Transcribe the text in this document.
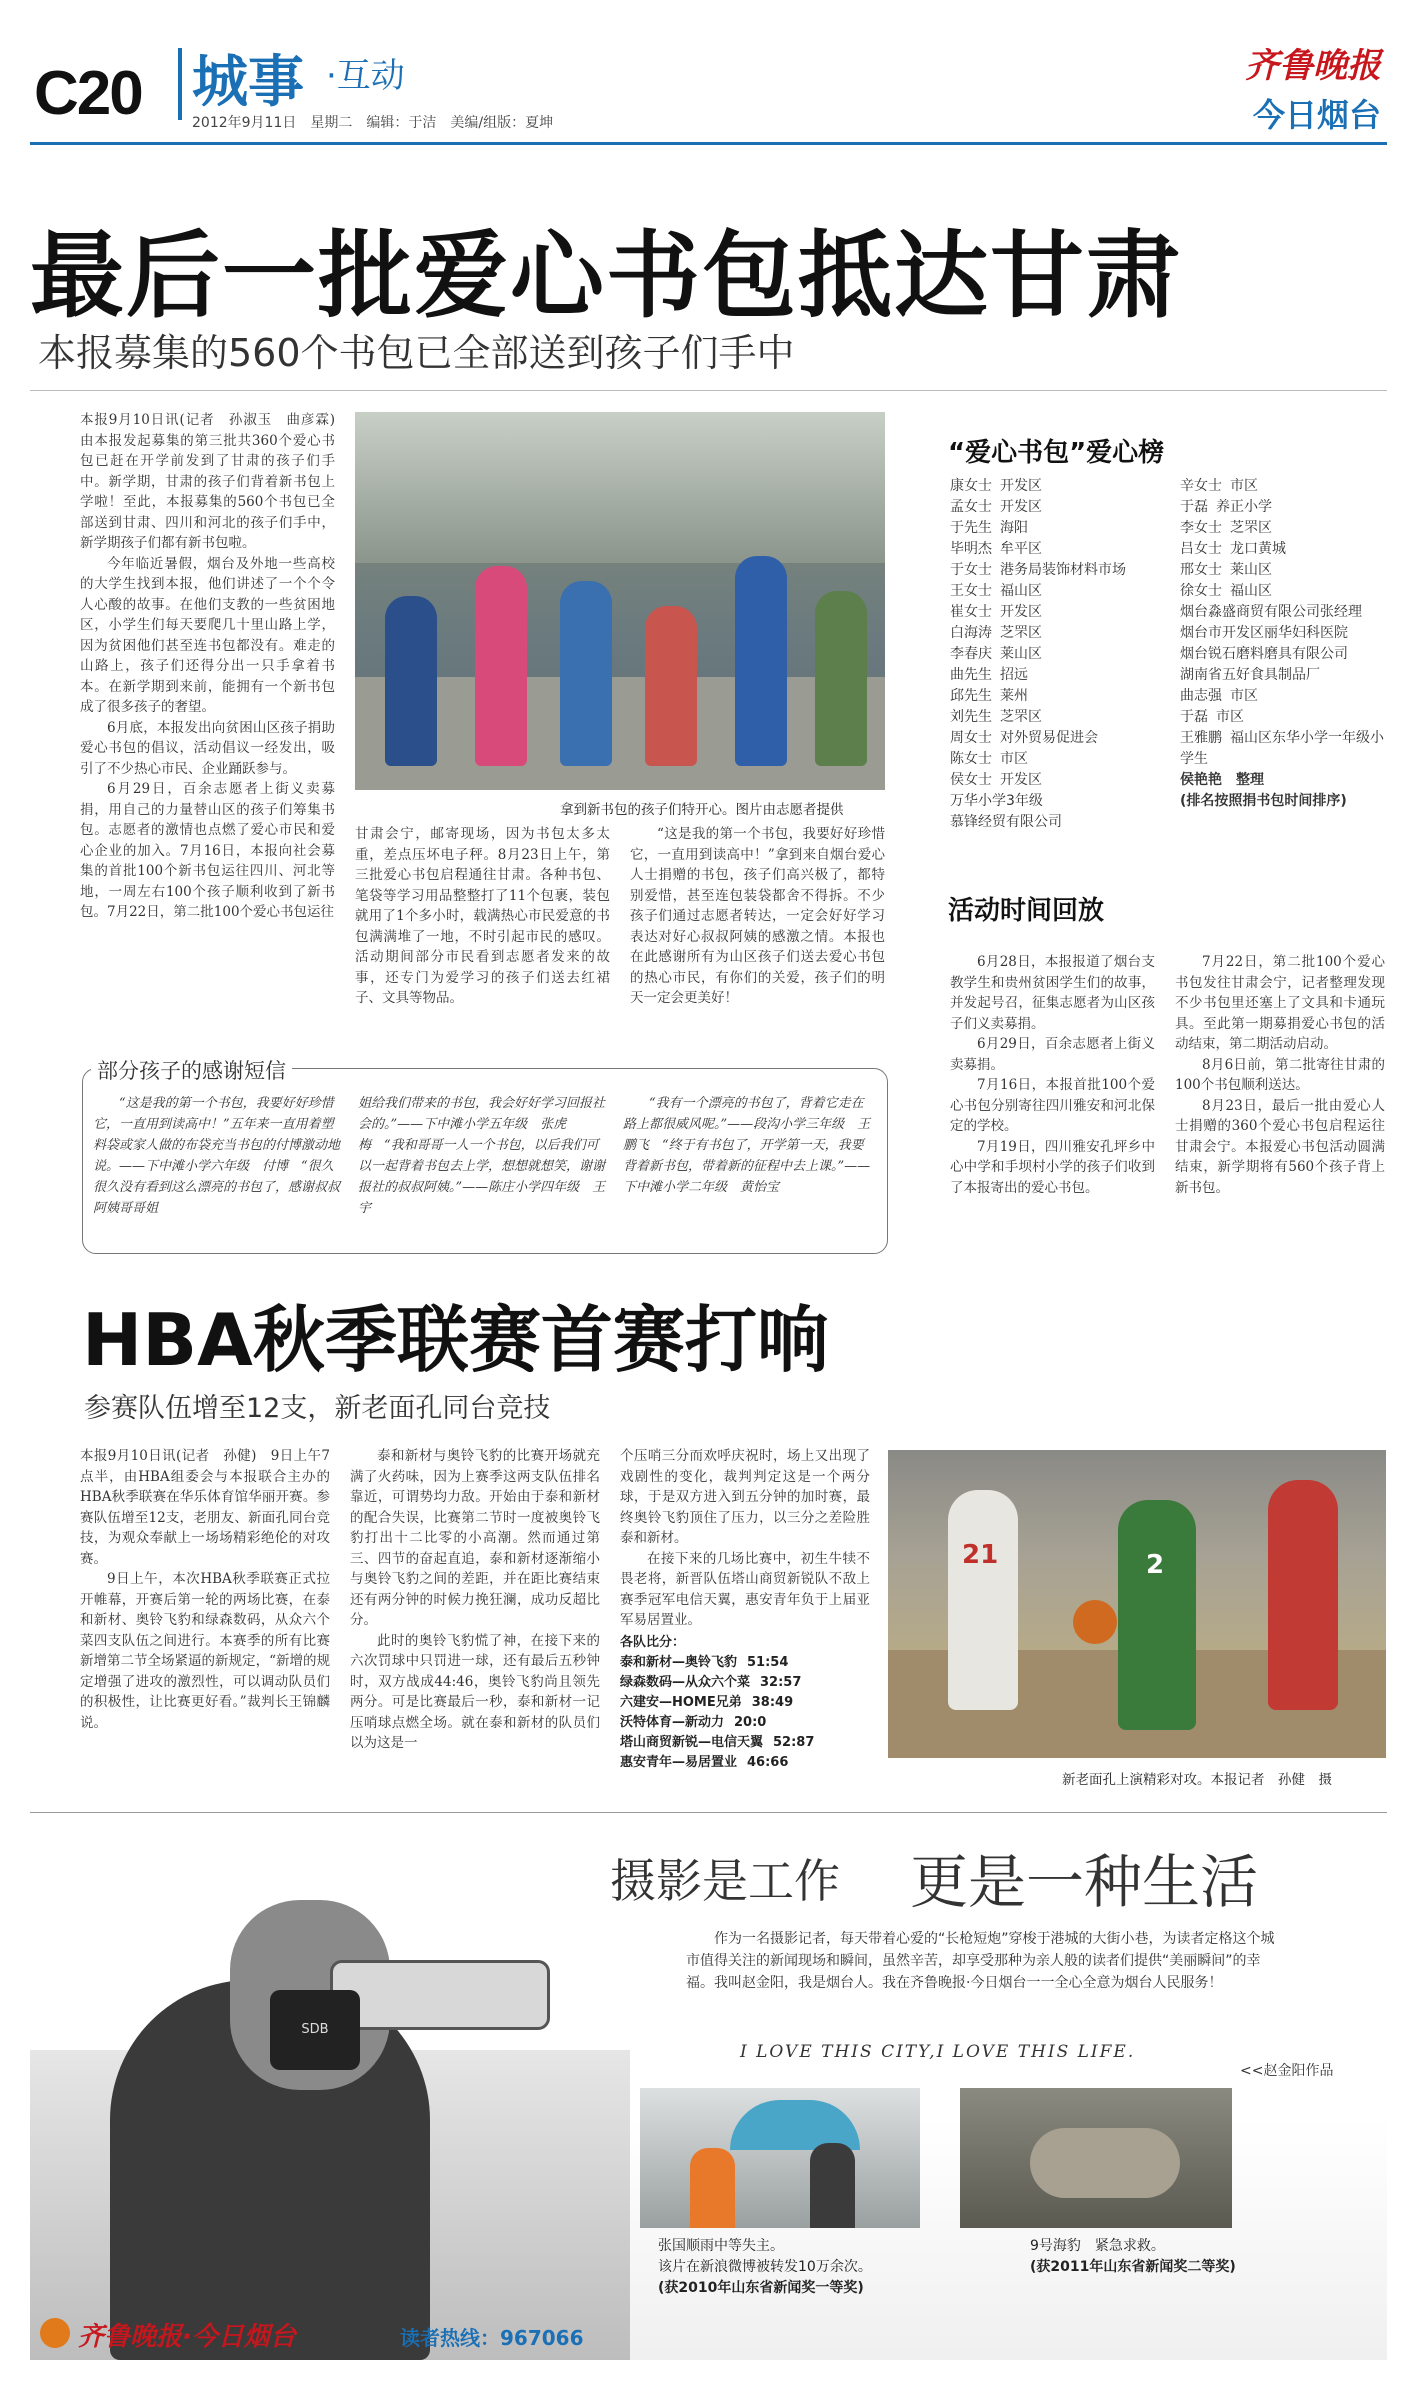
C20 城事 ·互动
2012年9月11日　星期二　编辑：于洁　美编/组版：夏坤
齐鲁晚报
今日烟台
最后一批爱心书包抵达甘肃
本报募集的560个书包已全部送到孩子们手中

本报9月10日讯(记者　孙淑玉　曲彦霖)　由本报发起募集的第三批共360个爱心书包已赶在开学前发到了甘肃的孩子们手中。新学期，甘肃的孩子们背着新书包上学啦！至此，本报募集的560个书包已全部送到甘肃、四川和河北的孩子们手中，新学期孩子们都有新书包啦。

今年临近暑假，烟台及外地一些高校的大学生找到本报，他们讲述了一个个令人心酸的故事。在他们支教的一些贫困地区，小学生们每天要爬几十里山路上学，因为贫困他们甚至连书包都没有。难走的山路上，孩子们还得分出一只手拿着书本。在新学期到来前，能拥有一个新书包成了很多孩子的奢望。

6月底，本报发出向贫困山区孩子捐助爱心书包的倡议，活动倡议一经发出，吸引了不少热心市民、企业踊跃参与。

6月29日，百余志愿者上街义卖募捐，用自己的力量替山区的孩子们筹集书包。志愿者的激情也点燃了爱心市民和爱心企业的加入。7月16日，本报向社会募集的首批100个新书包运往四川、河北等地，一周左右100个孩子顺利收到了新书包。7月22日，第二批100个爱心书包运往

拿到新书包的孩子们特开心。图片由志愿者提供

甘肃会宁，邮寄现场，因为书包太多太重，差点压坏电子秤。8月23日上午，第三批爱心书包启程通往甘肃。各种书包、笔袋等学习用品整整打了11个包裹，装包就用了1个多小时，载满热心市民爱意的书包满满堆了一地，不时引起市民的感叹。活动期间部分市民看到志愿者发来的故事，还专门为爱学习的孩子们送去红裙子、文具等物品。

“这是我的第一个书包，我要好好珍惜它，一直用到读高中！”拿到来自烟台爱心人士捐赠的书包，孩子们高兴极了，都特别爱惜，甚至连包装袋都舍不得拆。不少孩子们通过志愿者转达，一定会好好学习表达对好心叔叔阿姨的感激之情。本报也在此感谢所有为山区孩子们送去爱心书包的热心市民，有你们的关爱，孩子们的明天一定会更美好！

部分孩子的感谢短信

“这是我的第一个书包，我要好好珍惜它，一直用到读高中！”五年来一直用着塑料袋或家人做的布袋充当书包的付博激动地说。——下中滩小学六年级　付博　“很久很久没有看到这么漂亮的书包了，感谢叔叔阿姨哥哥姐

姐给我们带来的书包，我会好好学习回报社会的。”——下中滩小学五年级　张虎梅　“我和哥哥一人一个书包，以后我们可以一起背着书包去上学，想想就想笑，谢谢报社的叔叔阿姨。”——陈庄小学四年级　王宇

“我有一个漂亮的书包了，背着它走在路上都很威风呢。”——段沟小学三年级　王鹏飞　“终于有书包了，开学第一天，我要背着新书包，带着新的征程中去上课。”——下中滩小学二年级　黄怡宝

“爱心书包”爱心榜
康女士 开发区
孟女士 开发区
于先生 海阳
毕明杰 牟平区
于女士 港务局装饰材料市场
王女士 福山区
崔女士 开发区
白海涛 芝罘区
李春庆 莱山区
曲先生 招远
邱先生 莱州
刘先生 芝罘区
周女士 对外贸易促进会
陈女士 市区
侯女士 开发区
万华小学3年级
慕锋经贸有限公司
辛女士 市区
于磊 养正小学
李女士 芝罘区
吕女士 龙口黄城
邢女士 莱山区
徐女士 福山区
烟台淼盛商贸有限公司张经理
烟台市开发区丽华妇科医院
烟台锐石磨料磨具有限公司
湖南省五好食具制品厂
曲志强 市区
于磊 市区
王雅鹏 福山区东华小学一年级小学生
侯艳艳　整理
(排名按照捐书包时间排序)
活动时间回放

6月28日，本报报道了烟台支教学生和贵州贫困学生们的故事，并发起号召，征集志愿者为山区孩子们义卖募捐。

6月29日，百余志愿者上街义卖募捐。

7月16日，本报首批100个爱心书包分别寄往四川雅安和河北保定的学校。

7月19日，四川雅安孔坪乡中心中学和手坝村小学的孩子们收到了本报寄出的爱心书包。

7月22日，第二批100个爱心书包发往甘肃会宁，记者整理发现不少书包里还塞上了文具和卡通玩具。至此第一期募捐爱心书包的活动结束，第二期活动启动。

8月6日前，第二批寄往甘肃的100个书包顺利送达。

8月23日，最后一批由爱心人士捐赠的360个爱心书包启程运往甘肃会宁。本报爱心书包活动圆满结束，新学期将有560个孩子背上新书包。

HBA秋季联赛首赛打响
参赛队伍增至12支，新老面孔同台竞技

本报9月10日讯(记者　孙健)　9日上午7点半，由HBA组委会与本报联合主办的HBA秋季联赛在华乐体育馆华丽开赛。参赛队伍增至12支，老朋友、新面孔同台竞技，为观众奉献上一场场精彩绝伦的对攻赛。

9日上午，本次HBA秋季联赛正式拉开帷幕，开赛后第一轮的两场比赛，在泰和新材、奥铃飞豹和绿森数码，从众六个菜四支队伍之间进行。本赛季的所有比赛新增第二节全场紧逼的新规定，“新增的规定增强了进攻的激烈性，可以调动队员们的积极性，让比赛更好看。”裁判长王锦麟说。

泰和新材与奥铃飞豹的比赛开场就充满了火药味，因为上赛季这两支队伍排名靠近，可谓势均力敌。开始由于泰和新材的配合失误，比赛第二节时一度被奥铃飞豹打出十二比零的小高潮。然而通过第三、四节的奋起直追，泰和新材逐渐缩小与奥铃飞豹之间的差距，并在距比赛结束还有两分钟的时候力挽狂澜，成功反超比分。

此时的奥铃飞豹慌了神，在接下来的六次罚球中只罚进一球，还有最后五秒钟时，双方战成44:46，奥铃飞豹尚且领先两分。可是比赛最后一秒，泰和新材一记压哨球点燃全场。就在泰和新材的队员们以为这是一

个压哨三分而欢呼庆祝时，场上又出现了戏剧性的变化，裁判判定这是一个两分球，于是双方进入到五分钟的加时赛，最终奥铃飞豹顶住了压力，以三分之差险胜泰和新材。

在接下来的几场比赛中，初生牛犊不畏老将，新晋队伍塔山商贸新锐队不敌上赛季冠军电信天翼，惠安青年负于上届亚军易居置业。

各队比分：
泰和新材—奥铃飞豹 51:54
绿森数码—从众六个菜 32:57
六建安—HOME兄弟 38:49
沃特体育—新动力 20:0
塔山商贸新锐—电信天翼 52:87
惠安青年—易居置业 46:66
21	2
新老面孔上演精彩对攻。本报记者　孙健　摄
SDB
摄影是工作 更是一种生活
作为一名摄影记者，每天带着心爱的“长枪短炮”穿梭于港城的大街小巷，为读者定格这个城市值得关注的新闻现场和瞬间，虽然辛苦，却享受那种为亲人般的读者们提供“美丽瞬间”的幸福。我叫赵金阳，我是烟台人。我在齐鲁晚报·今日烟台一一全心全意为烟台人民服务！
I LOVE THIS CITY,I LOVE THIS LIFE.
<<赵金阳作品
张国顺雨中等失主。
该片在新浪微博被转发10万余次。
(获2010年山东省新闻奖一等奖)
9号海豹　紧急求救。
(获2011年山东省新闻奖二等奖)
齐鲁晚报·今日烟台	读者热线：967066
